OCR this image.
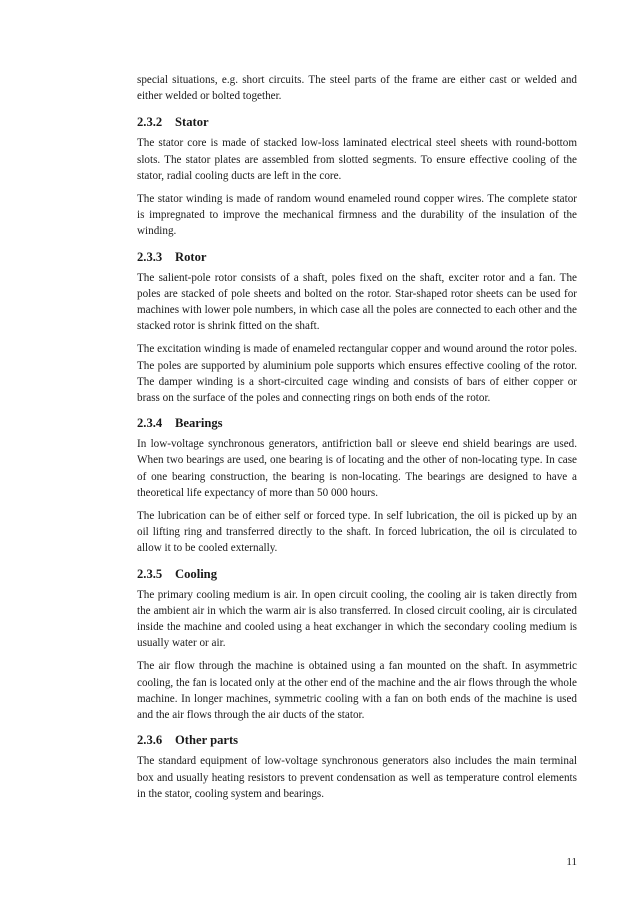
special situations, e.g. short circuits. The steel parts of the frame are either cast or welded and either welded or bolted together.

2.3.2 Stator

The stator core is made of stacked low-loss laminated electrical steel sheets with round-bottom slots. The stator plates are assembled from slotted segments. To ensure effective cooling of the stator, radial cooling ducts are left in the core.

The stator winding is made of random wound enameled round copper wires. The complete stator is impregnated to improve the mechanical firmness and the durability of the insulation of the winding.

2.3.3 Rotor

The salient-pole rotor consists of a shaft, poles fixed on the shaft, exciter rotor and a fan. The poles are stacked of pole sheets and bolted on the rotor. Star-shaped rotor sheets can be used for machines with lower pole numbers, in which case all the poles are connected to each other and the stacked rotor is shrink fitted on the shaft.

The excitation winding is made of enameled rectangular copper and wound around the rotor poles. The poles are supported by aluminium pole supports which ensures effective cooling of the rotor. The damper winding is a short-circuited cage winding and consists of bars of either copper or brass on the surface of the poles and connecting rings on both ends of the rotor.

2.3.4 Bearings

In low-voltage synchronous generators, antifriction ball or sleeve end shield bearings are used. When two bearings are used, one bearing is of locating and the other of non-locating type. In case of one bearing construction, the bearing is non-locating. The bearings are designed to have a theoretical life expectancy of more than 50 000 hours.

The lubrication can be of either self or forced type. In self lubrication, the oil is picked up by an oil lifting ring and transferred directly to the shaft. In forced lubrication, the oil is circulated to allow it to be cooled externally.

2.3.5 Cooling

The primary cooling medium is air. In open circuit cooling, the cooling air is taken directly from the ambient air in which the warm air is also transferred. In closed circuit cooling, air is circulated inside the machine and cooled using a heat exchanger in which the secondary cooling medium is usually water or air.

The air flow through the machine is obtained using a fan mounted on the shaft. In asymmetric cooling, the fan is located only at the other end of the machine and the air flows through the whole machine. In longer machines, symmetric cooling with a fan on both ends of the machine is used and the air flows through the air ducts of the stator.

2.3.6 Other parts

The standard equipment of low-voltage synchronous generators also includes the main terminal box and usually heating resistors to prevent condensation as well as temperature control elements in the stator, cooling system and bearings.

11
